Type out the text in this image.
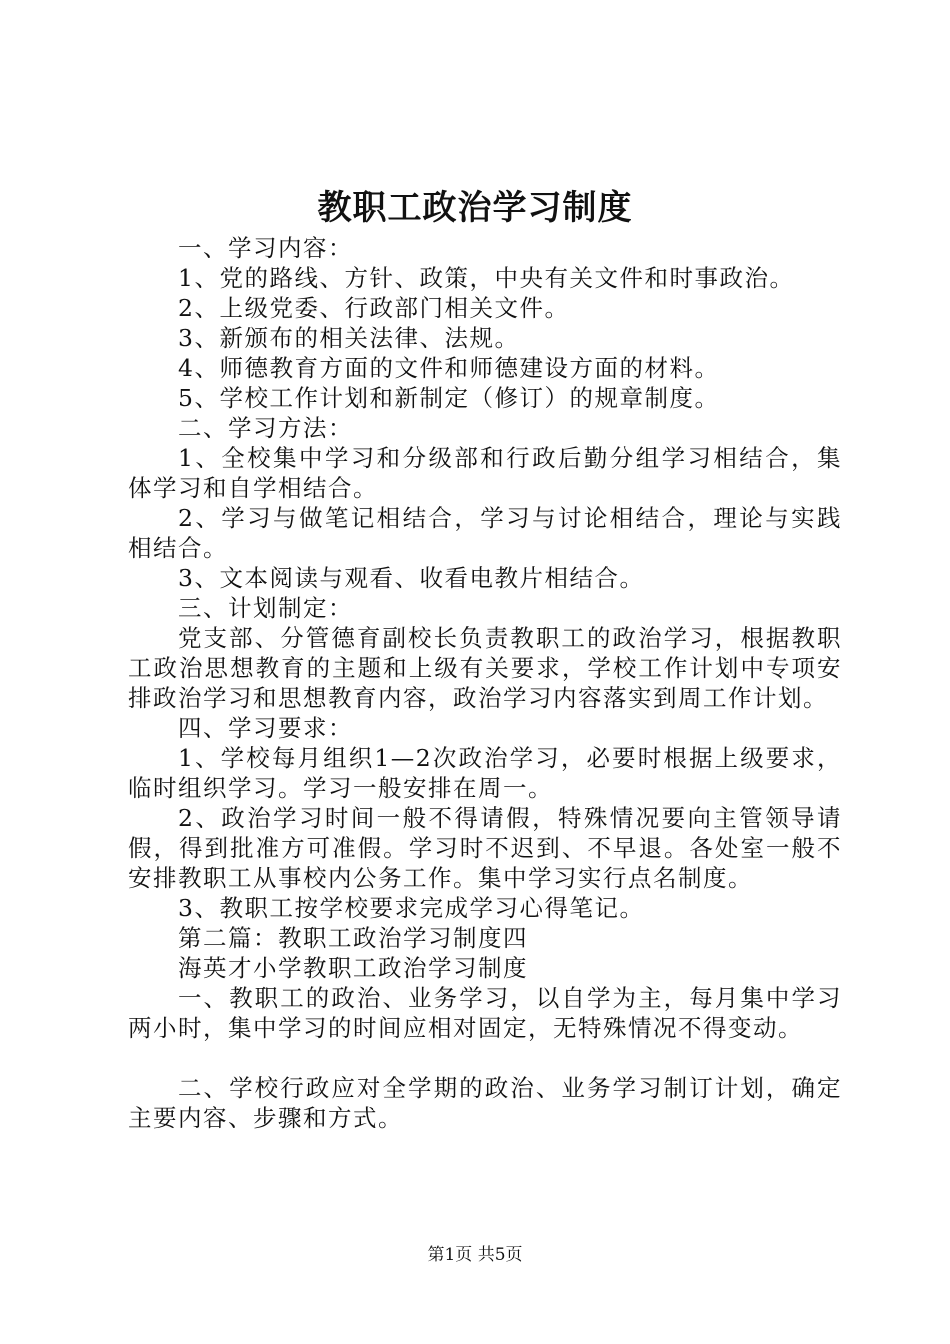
教职工政治学习制度

一、学习内容：

1、党的路线、方针、政策，中央有关文件和时事政治。

2、上级党委、行政部门相关文件。

3、新颁布的相关法律、法规。

4、师德教育方面的文件和师德建设方面的材料。

5、学校工作计划和新制定（修订）的规章制度。

二、学习方法：

1、全校集中学习和分级部和行政后勤分组学习相结合，集体学习和自学相结合。

2、学习与做笔记相结合，学习与讨论相结合，理论与实践相结合。

3、文本阅读与观看、收看电教片相结合。

三、计划制定：

党支部、分管德育副校长负责教职工的政治学习，根据教职工政治思想教育的主题和上级有关要求，学校工作计划中专项安排政治学习和思想教育内容，政治学习内容落实到周工作计划。

四、学习要求：

1、学校每月组织1—2次政治学习，必要时根据上级要求，临时组织学习。学习一般安排在周一。

2、政治学习时间一般不得请假，特殊情况要向主管领导请假，得到批准方可准假。学习时不迟到、不早退。各处室一般不安排教职工从事校内公务工作。集中学习实行点名制度。

3、教职工按学校要求完成学习心得笔记。

第二篇：教职工政治学习制度四

海英才小学教职工政治学习制度

一、教职工的政治、业务学习，以自学为主，每月集中学习两小时，集中学习的时间应相对固定，无特殊情况不得变动。

二、学校行政应对全学期的政治、业务学习制订计划，确定主要内容、步骤和方式。

第1页 共5页
